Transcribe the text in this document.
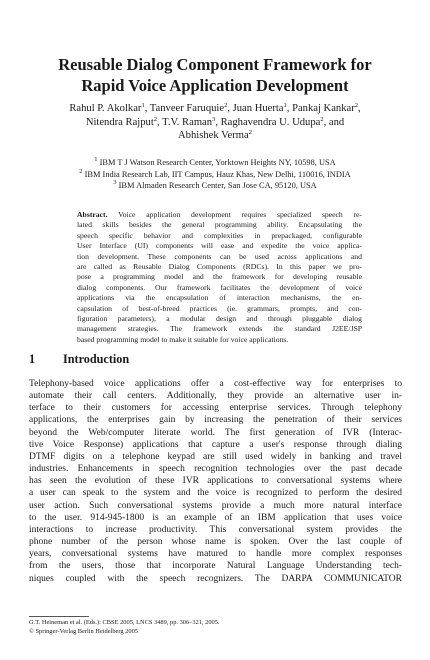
Reusable Dialog Component Framework for
Rapid Voice Application Development
Rahul P. Akolkar$^1$, Tanveer Faruquie$^2$, Juan Huerta$^1$, Pankaj Kankar$^2$,
Nitendra Rajput$^2$, T.V. Raman$^3$, Raghavendra U. Udupa$^2$, and
Abhishek Verma$^2$
$^1$ IBM T J Watson Research Center, Yorktown Heights NY, 10598, USA
$^2$ IBM India Research Lab, IIT Campus, Hauz Khas, New Delhi, 110016, INDIA
$^3$ IBM Almaden Research Center, San Jose CA, 95120, USA
Abstract. Voice application development requires specialized speech re-
lated skills besides the general programming ability. Encapsulating the
speech specific behavior and complexities in prepackaged, configurable
User Interface (UI) components will ease and expedite the voice applica-
tion development. These components can be used across applications and
are called as Reusable Dialog Components (RDCs). In this paper we pro-
pose a programming model and the framework for developing reusable
dialog components. Our framework facilitates the development of voice
applications via the encapsulation of interaction mechanisms, the en-
capsulation of best-of-breed practices (ie. grammars, prompts, and con-
figuration parameters), a modular design and through pluggable dialog
management strategies. The framework extends the standard J2EE/JSP
based programming model to make it suitable for voice applications.
1 Introduction
Telephony-based voice applications offer a cost-effective way for enterprises to
automate their call centers. Additionally, they provide an alternative user in-
terface to their customers for accessing enterprise services. Through telephony
applications, the enterprises gain by increasing the penetration of their services
beyond the Web/computer literate world. The first generation of IVR (Interac-
tive Voice Response) applications that capture a user's response through dialing
DTMF digits on a telephone keypad are still used widely in banking and travel
industries. Enhancements in speech recognition technologies over the past decade
has seen the evolution of these IVR applications to conversational systems where
a user can speak to the system and the voice is recognized to perform the desired
user action. Such conversational systems provide a much more natural interface
to the user. 914-945-1800 is an example of an IBM application that uses voice
interactions to increase productivity. This conversational system provides the
phone number of the person whose name is spoken. Over the last couple of
years, conversational systems have matured to handle more complex responses
from the users, those that incorporate Natural Language Understanding tech-
niques coupled with the speech recognizers. The DARPA COMMUNICATOR
G.T. Heineman et al. (Eds.): CBSE 2005, LNCS 3489, pp. 306–321, 2005.
© Springer-Verlag Berlin Heidelberg 2005
